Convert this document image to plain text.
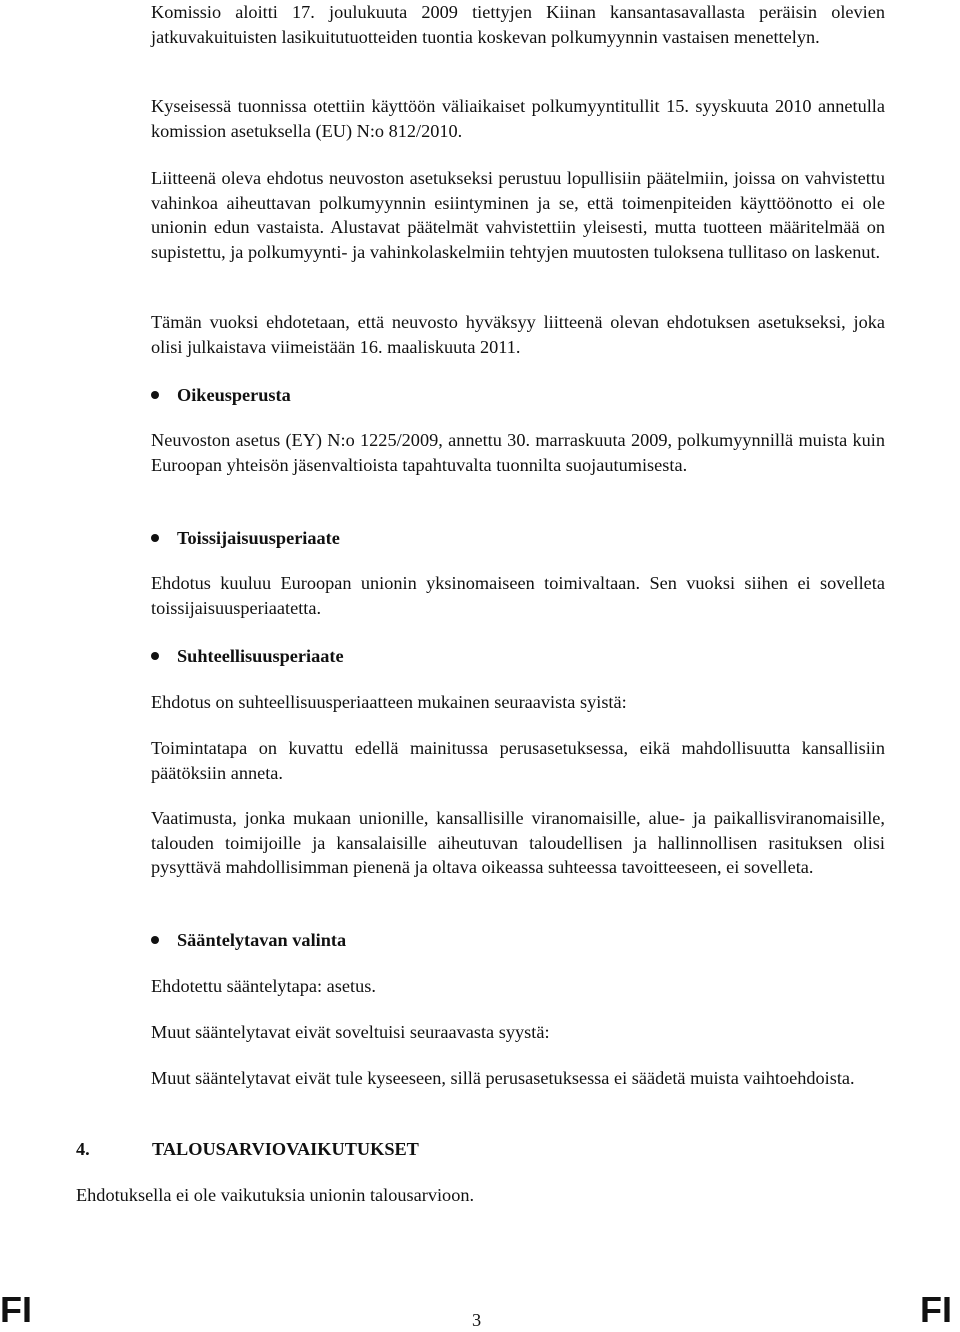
Komissio aloitti 17. joulukuuta 2009 tiettyjen Kiinan kansantasavallasta peräisin olevien jatkuvakuituisten lasikuitutuotteiden tuontia koskevan polkumyynnin vastaisen menettelyn.

Kyseisessä tuonnissa otettiin käyttöön väliaikaiset polkumyyntitullit 15. syyskuuta 2010 annetulla komission asetuksella (EU) N:o 812/2010.

Liitteenä oleva ehdotus neuvoston asetukseksi perustuu lopullisiin päätelmiin, joissa on vahvistettu vahinkoa aiheuttavan polkumyynnin esiintyminen ja se, että toimenpiteiden käyttöönotto ei ole unionin edun vastaista. Alustavat päätelmät vahvistettiin yleisesti, mutta tuotteen määritelmää on supistettu, ja polkumyynti- ja vahinkolaskelmiin tehtyjen muutosten tuloksena tullitaso on laskenut.

Tämän vuoksi ehdotetaan, että neuvosto hyväksyy liitteenä olevan ehdotuksen asetukseksi, joka olisi julkaistava viimeistään 16. maaliskuuta 2011.

Oikeusperusta

Neuvoston asetus (EY) N:o 1225/2009, annettu 30. marraskuuta 2009, polkumyynnillä muista kuin Euroopan yhteisön jäsenvaltioista tapahtuvalta tuonnilta suojautumisesta.

Toissijaisuusperiaate

Ehdotus kuuluu Euroopan unionin yksinomaiseen toimivaltaan. Sen vuoksi siihen ei sovelleta toissijaisuusperiaatetta.

Suhteellisuusperiaate

Ehdotus on suhteellisuusperiaatteen mukainen seuraavista syistä:

Toimintatapa on kuvattu edellä mainitussa perusasetuksessa, eikä mahdollisuutta kansallisiin päätöksiin anneta.

Vaatimusta, jonka mukaan unionille, kansallisille viranomaisille, alue- ja paikallisviranomaisille, talouden toimijoille ja kansalaisille aiheutuvan taloudellisen ja hallinnollisen rasituksen olisi pysyttävä mahdollisimman pienenä ja oltava oikeassa suhteessa tavoitteeseen, ei sovelleta.

Sääntelytavan valinta

Ehdotettu sääntelytapa: asetus.

Muut sääntelytavat eivät soveltuisi seuraavasta syystä:

Muut sääntelytavat eivät tule kyseeseen, sillä perusasetuksessa ei säädetä muista vaihtoehdoista.

4.	TALOUSARVIOVAIKUTUKSET

Ehdotuksella ei ole vaikutuksia unionin talousarvioon.

FI	3	FI
